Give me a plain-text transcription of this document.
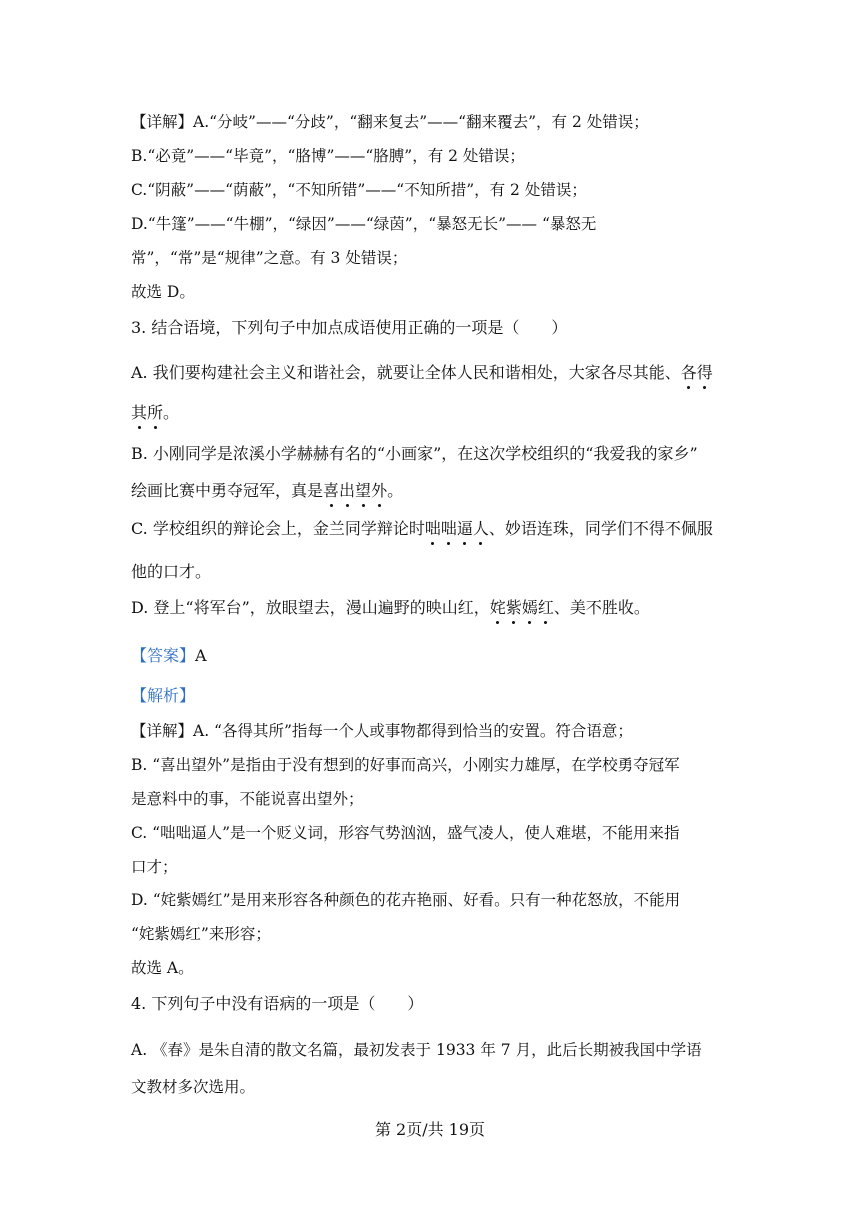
【详解】A.“分岐”——“分歧”，“翻来复去”——“翻来覆去”，有 2 处错误；
B.“必竟”——“毕竟”，“胳博”——“胳膊”，有 2 处错误；
C.“阴蔽”——“荫蔽”，“不知所错”——“不知所措”，有 2 处错误；
D.“牛篷”——“牛棚”，“绿因”——“绿茵”，“暴怒无长”—— “暴怒无
常”，“常”是“规律”之意。有 3 处错误；
故选 D。
3. 结合语境，下列句子中加点成语使用正确的一项是（　　）
A. 我们要构建社会主义和谐社会，就要让全体人民和谐相处，大家各尽其能、各得
其所。
B. 小刚同学是浓溪小学赫赫有名的“小画家”，在这次学校组织的“我爱我的家乡”
绘画比赛中勇夺冠军，真是喜出望外。
C. 学校组织的辩论会上，金兰同学辩论时咄咄逼人、妙语连珠，同学们不得不佩服
他的口才。
D. 登上“将军台”，放眼望去，漫山遍野的映山红，姹紫嫣红、美不胜收。
【答案】A
【解析】
【详解】A. “各得其所”指每一个人或事物都得到恰当的安置。符合语意；
B. “喜出望外”是指由于没有想到的好事而高兴，小刚实力雄厚，在学校勇夺冠军
是意料中的事，不能说喜出望外；
C. “咄咄逼人”是一个贬义词，形容气势汹汹，盛气凌人，使人难堪，不能用来指
口才；
D. “姹紫嫣红”是用来形容各种颜色的花卉艳丽、好看。只有一种花怒放，不能用
“姹紫嫣红”来形容；
故选 A。
4. 下列句子中没有语病的一项是（　　）
A. 《春》是朱自清的散文名篇，最初发表于 1933 年 7 月，此后长期被我国中学语
文教材多次选用。
第 2页/共 19页
